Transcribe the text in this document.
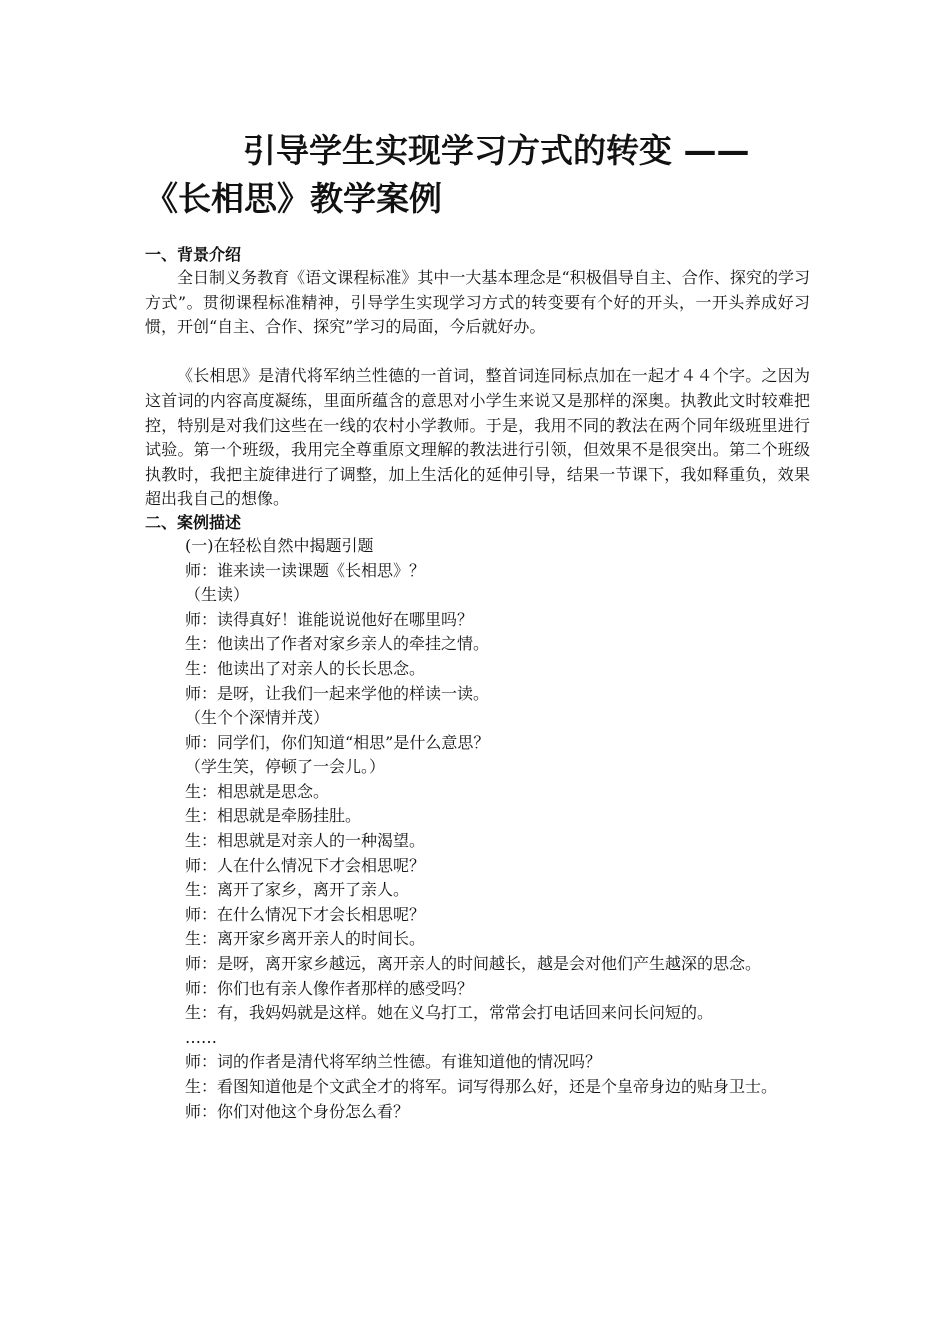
引导学生实现学习方式的转变 ——
《长相思》教学案例
一、背景介绍

全日制义务教育《语文课程标准》其中一大基本理念是“积极倡导自主、合作、探究的学习方式”。贯彻课程标准精神，引导学生实现学习方式的转变要有个好的开头，一开头养成好习惯，开创“自主、合作、探究”学习的局面，今后就好办。

《长相思》是清代将军纳兰性德的一首词，整首词连同标点加在一起才４４个字。之因为这首词的内容高度凝练，里面所蕴含的意思对小学生来说又是那样的深奥。执教此文时较难把控，特别是对我们这些在一线的农村小学教师。于是，我用不同的教法在两个同年级班里进行试验。第一个班级，我用完全尊重原文理解的教法进行引领，但效果不是很突出。第二个班级执教时，我把主旋律进行了调整，加上生活化的延伸引导，结果一节课下，我如释重负，效果超出我自己的想像。

二、案例描述

(一)在轻松自然中揭题引题

师：谁来读一读课题《长相思》？

（生读）

师：读得真好！谁能说说他好在哪里吗？

生：他读出了作者对家乡亲人的牵挂之情。

生：他读出了对亲人的长长思念。

师：是呀，让我们一起来学他的样读一读。

（生个个深情并茂）

师：同学们，你们知道“相思”是什么意思？

（学生笑，停顿了一会儿。）

生：相思就是思念。

生：相思就是牵肠挂肚。

生：相思就是对亲人的一种渴望。

师：人在什么情况下才会相思呢？

生：离开了家乡，离开了亲人。

师：在什么情况下才会长相思呢？

生：离开家乡离开亲人的时间长。

师：是呀，离开家乡越远，离开亲人的时间越长，越是会对他们产生越深的思念。

师：你们也有亲人像作者那样的感受吗？

生：有，我妈妈就是这样。她在义乌打工，常常会打电话回来问长问短的。

……

师：词的作者是清代将军纳兰性德。有谁知道他的情况吗？

生：看图知道他是个文武全才的将军。词写得那么好，还是个皇帝身边的贴身卫士。

师：你们对他这个身份怎么看？
